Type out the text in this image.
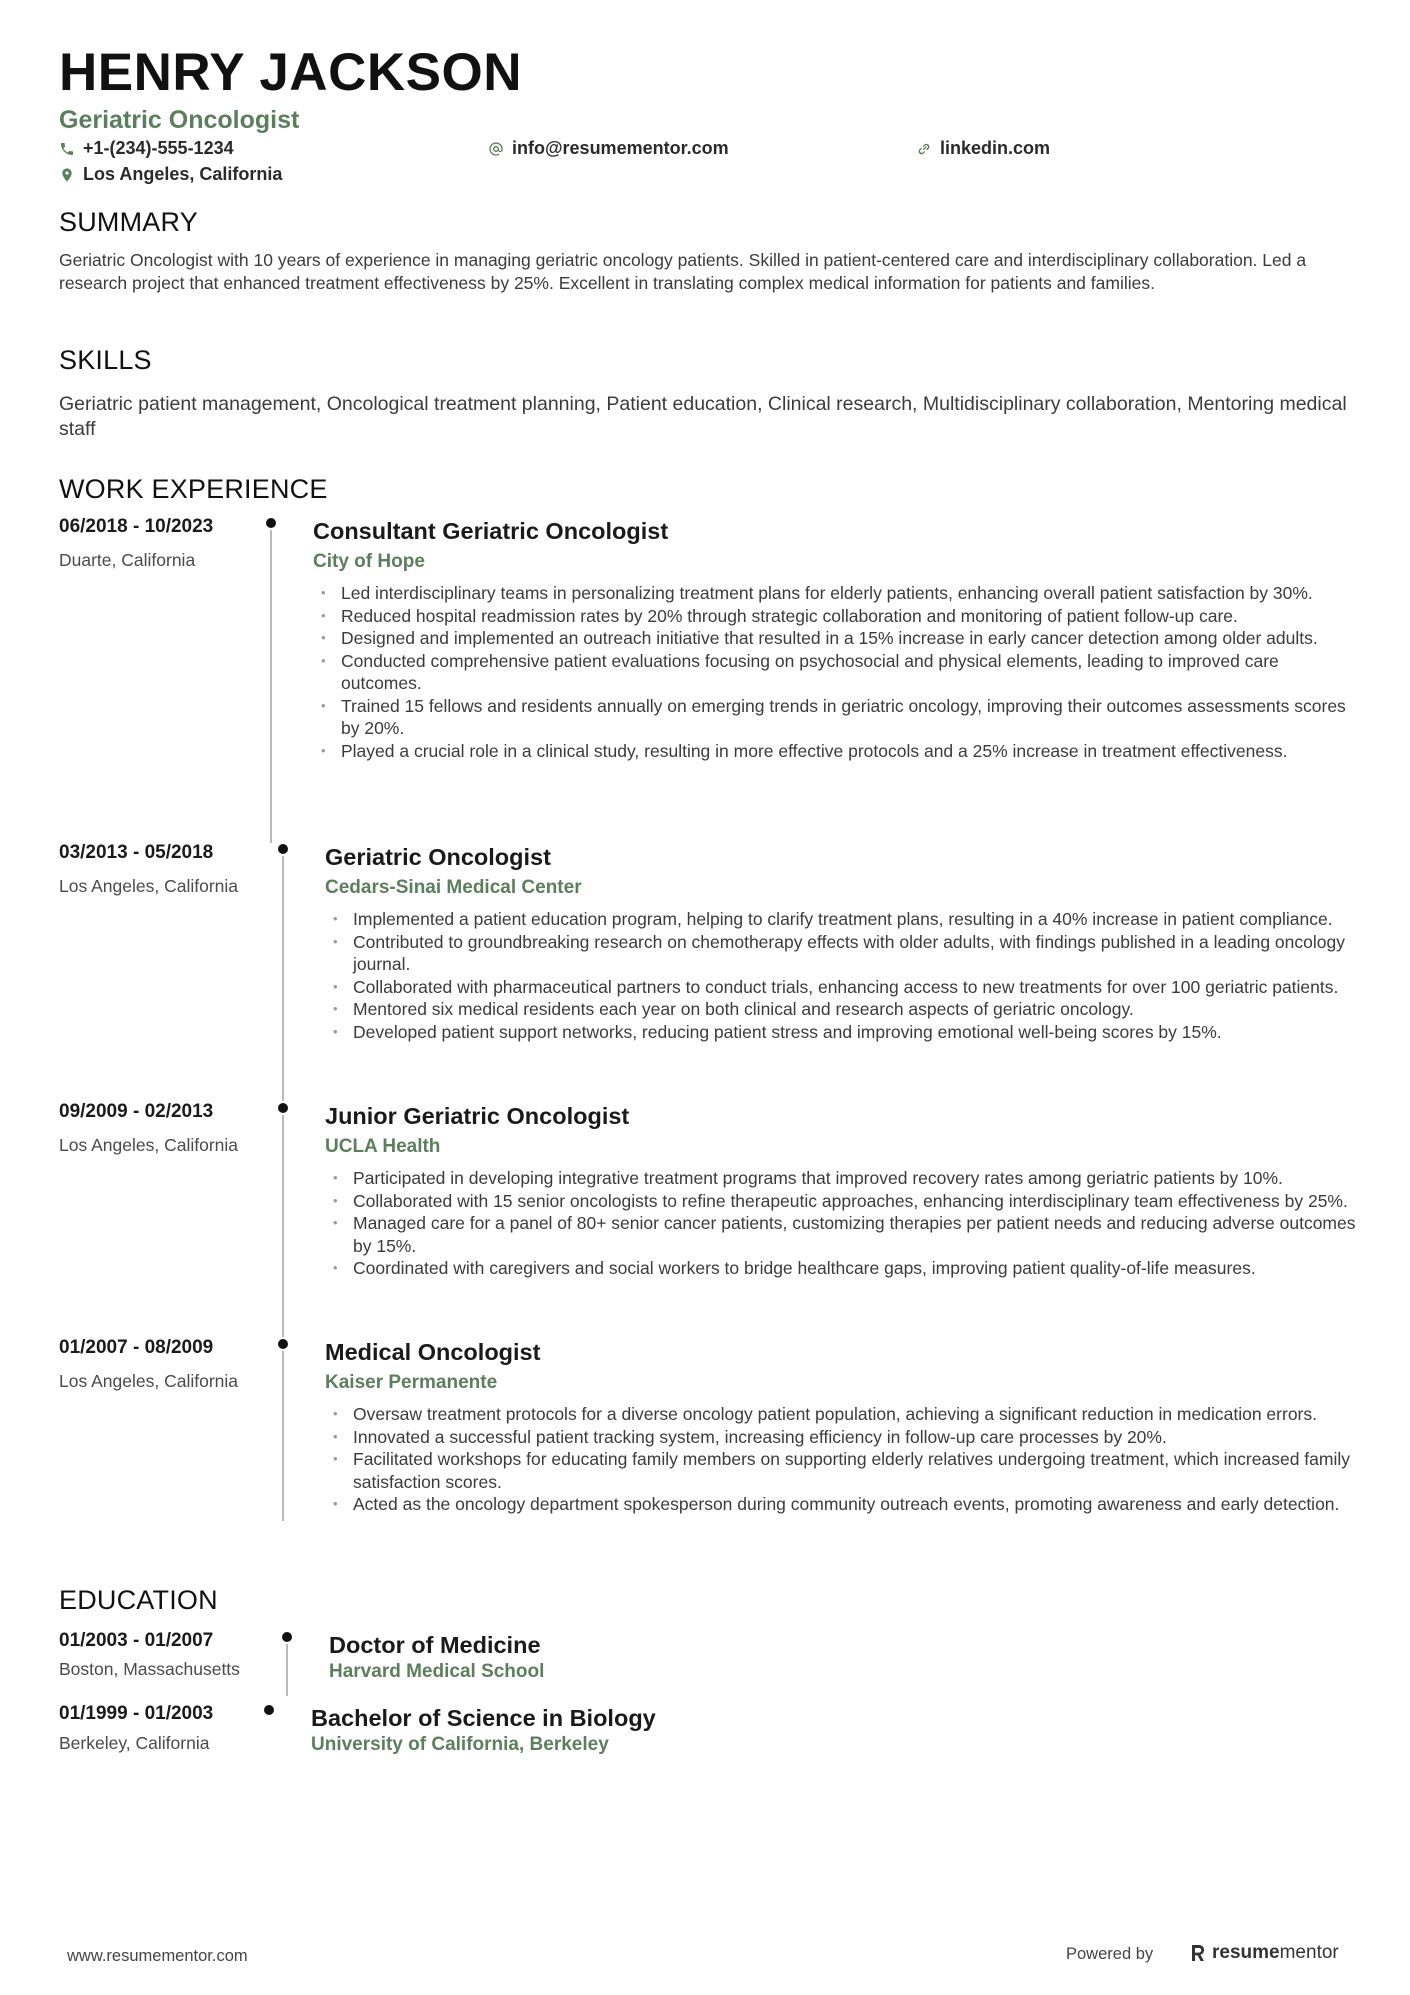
HENRY JACKSON
Geriatric Oncologist
+1-(234)-555-1234	info@resumementor.com	linkedin.com
Los Angeles, California
SUMMARY

Geriatric Oncologist with 10 years of experience in managing geriatric oncology patients. Skilled in patient-centered care and interdisciplinary collaboration. Led a research project that enhanced treatment effectiveness by 25%. Excellent in translating complex medical information for patients and families.

SKILLS

Geriatric patient management, Oncological treatment planning, Patient education, Clinical research, Multidisciplinary collaboration, Mentoring medical staff

WORK EXPERIENCE
06/2018 - 10/2023
Duarte, California
Consultant Geriatric Oncologist
City of Hope
• Led interdisciplinary teams in personalizing treatment plans for elderly patients, enhancing overall patient satisfaction by 30%.
• Reduced hospital readmission rates by 20% through strategic collaboration and monitoring of patient follow-up care.
• Designed and implemented an outreach initiative that resulted in a 15% increase in early cancer detection among older adults.
• Conducted comprehensive patient evaluations focusing on psychosocial and physical elements, leading to improved care outcomes.
• Trained 15 fellows and residents annually on emerging trends in geriatric oncology, improving their outcomes assessments scores by 20%.
• Played a crucial role in a clinical study, resulting in more effective protocols and a 25% increase in treatment effectiveness.
03/2013 - 05/2018
Los Angeles, California
Geriatric Oncologist
Cedars-Sinai Medical Center
• Implemented a patient education program, helping to clarify treatment plans, resulting in a 40% increase in patient compliance.
• Contributed to groundbreaking research on chemotherapy effects with older adults, with findings published in a leading oncology journal.
• Collaborated with pharmaceutical partners to conduct trials, enhancing access to new treatments for over 100 geriatric patients.
• Mentored six medical residents each year on both clinical and research aspects of geriatric oncology.
• Developed patient support networks, reducing patient stress and improving emotional well-being scores by 15%.
09/2009 - 02/2013
Los Angeles, California
Junior Geriatric Oncologist
UCLA Health
• Participated in developing integrative treatment programs that improved recovery rates among geriatric patients by 10%.
• Collaborated with 15 senior oncologists to refine therapeutic approaches, enhancing interdisciplinary team effectiveness by 25%.
• Managed care for a panel of 80+ senior cancer patients, customizing therapies per patient needs and reducing adverse outcomes by 15%.
• Coordinated with caregivers and social workers to bridge healthcare gaps, improving patient quality-of-life measures.
01/2007 - 08/2009
Los Angeles, California
Medical Oncologist
Kaiser Permanente
• Oversaw treatment protocols for a diverse oncology patient population, achieving a significant reduction in medication errors.
• Innovated a successful patient tracking system, increasing efficiency in follow-up care processes by 20%.
• Facilitated workshops for educating family members on supporting elderly relatives undergoing treatment, which increased family satisfaction scores.
• Acted as the oncology department spokesperson during community outreach events, promoting awareness and early detection.
EDUCATION
01/2003 - 01/2007
Boston, Massachusetts
Doctor of Medicine
Harvard Medical School
01/1999 - 01/2003
Berkeley, California
Bachelor of Science in Biology
University of California, Berkeley
www.resumementor.com	Powered by	resumementor
